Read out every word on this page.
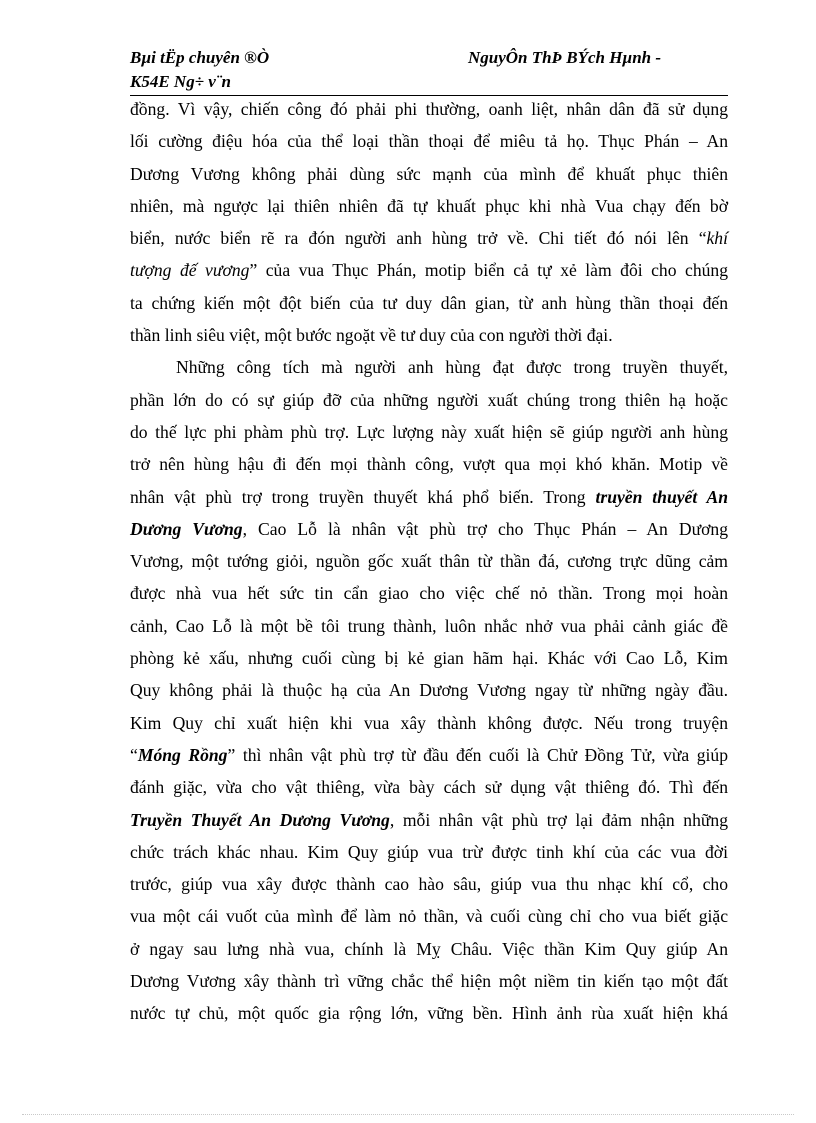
Bµi tËp chuyên ®Ò	NguyÔn ThÞ BÝch Hµnh -
K54E Ng÷ v¨n
đồng. Vì vậy, chiến công đó phải phi thường, oanh liệt, nhân dân đã sử dụng
lối cường điệu hóa của thể loại thần thoại để miêu tả họ. Thục Phán – An
Dương Vương không phải dùng sức mạnh của mình để khuất phục thiên
nhiên, mà ngược lại thiên nhiên đã tự khuất phục khi nhà Vua chạy đến bờ
biển, nước biển rẽ ra đón người anh hùng trở về. Chi tiết đó nói lên “khí
tượng đế vương” của vua Thục Phán, motip biển cả tự xẻ làm đôi cho chúng
ta chứng kiến một đột biến của tư duy dân gian, từ anh hùng thần thoại đến
thần linh siêu việt, một bước ngoặt về tư duy của con người thời đại.
Những công tích mà người anh hùng đạt được trong truyền thuyết,
phần lớn do có sự giúp đỡ của những người xuất chúng trong thiên hạ hoặc
do thế lực phi phàm phù trợ. Lực lượng này xuất hiện sẽ giúp người anh hùng
trở nên hùng hậu đi đến mọi thành công, vượt qua mọi khó khăn. Motip về
nhân vật phù trợ trong truyền thuyết khá phổ biến. Trong truyền thuyết An
Dương Vương, Cao Lỗ là nhân vật phù trợ cho Thục Phán – An Dương
Vương, một tướng giỏi, nguồn gốc xuất thân từ thần đá, cương trực dũng cảm
được nhà vua hết sức tin cẩn giao cho việc chế nỏ thần. Trong mọi hoàn
cảnh, Cao Lỗ là một bề tôi trung thành, luôn nhắc nhở vua phải cảnh giác đề
phòng kẻ xấu, nhưng cuối cùng bị kẻ gian hãm hại. Khác với Cao Lỗ, Kim
Quy không phải là thuộc hạ của An Dương Vương ngay từ những ngày đầu.
Kim Quy chỉ xuất hiện khi vua xây thành không được. Nếu trong truyện
“Móng Rồng” thì nhân vật phù trợ từ đầu đến cuối là Chử Đồng Tử, vừa giúp
đánh giặc, vừa cho vật thiêng, vừa bày cách sử dụng vật thiêng đó. Thì đến
Truyền Thuyết An Dương Vương, mỗi nhân vật phù trợ lại đảm nhận những
chức trách khác nhau. Kim Quy giúp vua trừ được tinh khí của các vua đời
trước, giúp vua xây được thành cao hào sâu, giúp vua thu nhạc khí cổ, cho
vua một cái vuốt của mình để làm nỏ thần, và cuối cùng chỉ cho vua biết giặc
ở ngay sau lưng nhà vua, chính là Mỵ Châu. Việc thần Kim Quy giúp An
Dương Vương xây thành trì vững chắc thể hiện một niềm tin kiến tạo một đất
nước tự chủ, một quốc gia rộng lớn, vững bền. Hình ảnh rùa xuất hiện khá
